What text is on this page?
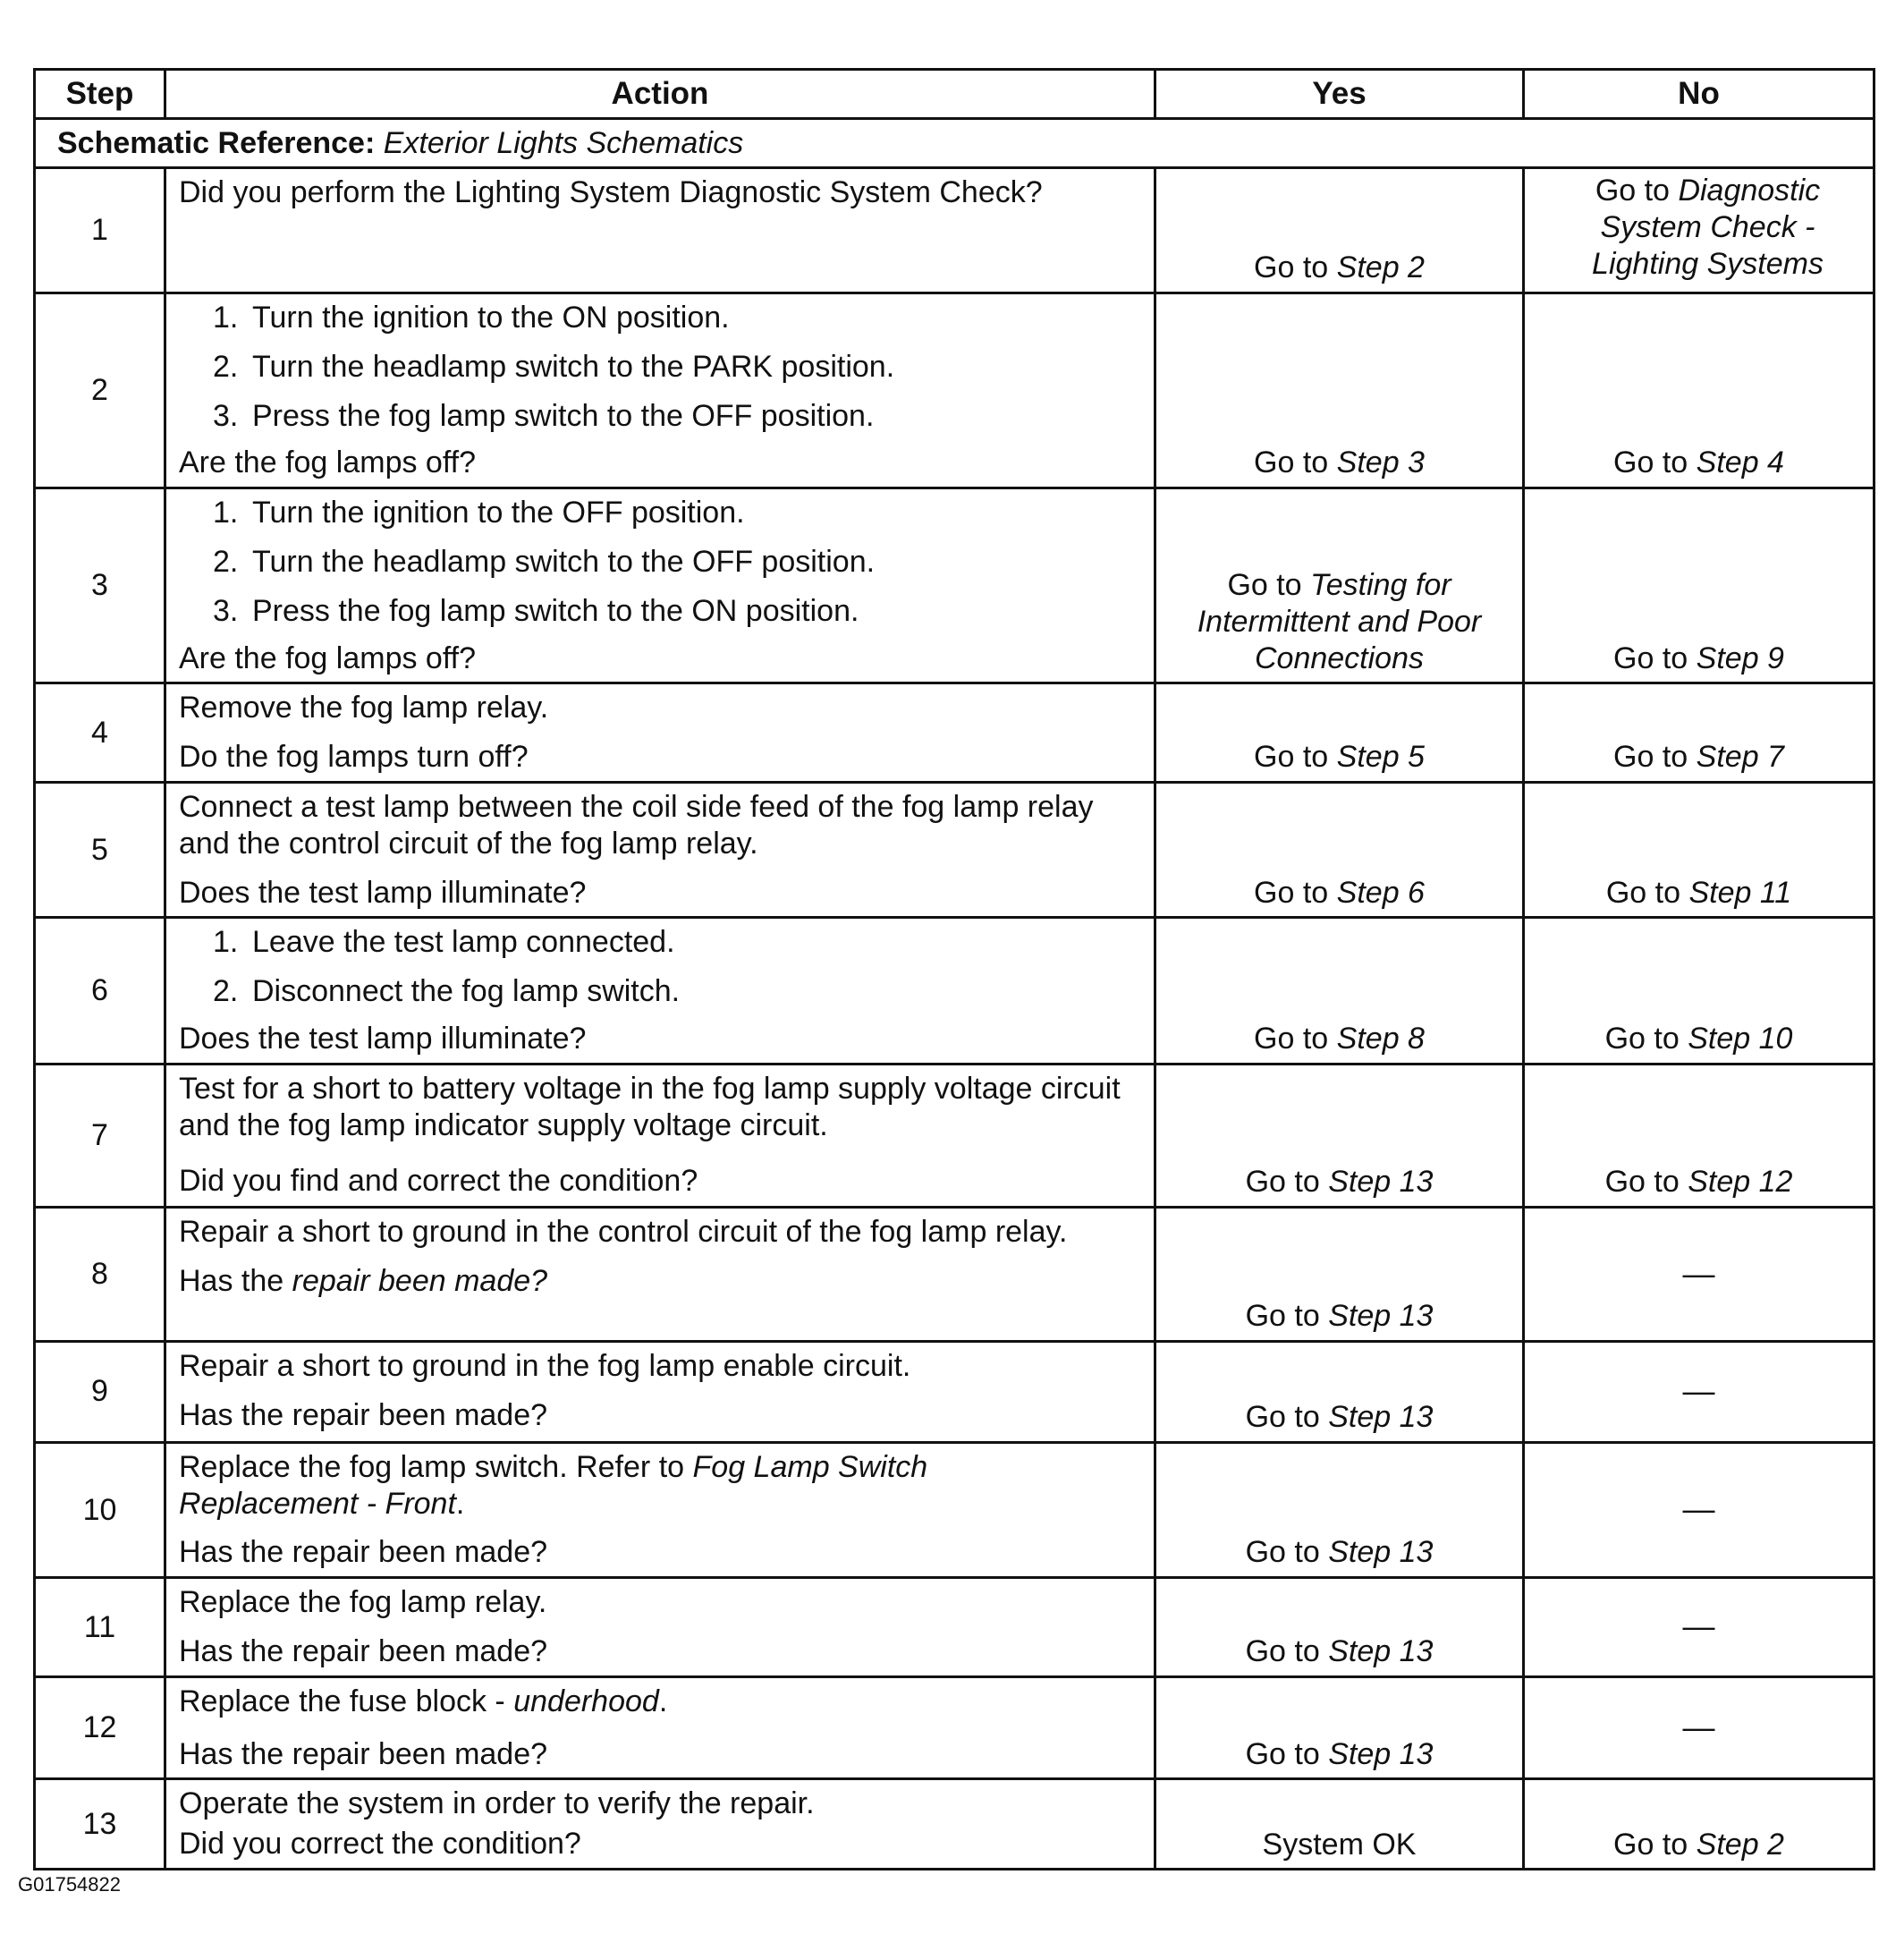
Step	Action	Yes	No
Schematic Reference: Exterior Lights Schematics			
1	Did you perform the Lighting System Diagnostic System Check?	Go to Step 2	Go to Diagnostic System Check - Lighting Systems
2	1. Turn the ignition to the ON position.
2. Turn the headlamp switch to the PARK position.
3. Press the fog lamp switch to the OFF position.
Are the fog lamps off?	Go to Step 3	Go to Step 4
3	1. Turn the ignition to the OFF position.
2. Turn the headlamp switch to the OFF position.
3. Press the fog lamp switch to the ON position.
Are the fog lamps off?	Go to Testing for Intermittent and Poor Connections	Go to Step 9
4	Remove the fog lamp relay.
Do the fog lamps turn off?	Go to Step 5	Go to Step 7
5	Connect a test lamp between the coil side feed of the fog lamp relay and the control circuit of the fog lamp relay.
Does the test lamp illuminate?	Go to Step 6	Go to Step 11
6	1. Leave the test lamp connected.
2. Disconnect the fog lamp switch.
Does the test lamp illuminate?	Go to Step 8	Go to Step 10
7	Test for a short to battery voltage in the fog lamp supply voltage circuit and the fog lamp indicator supply voltage circuit.
Did you find and correct the condition?	Go to Step 13	Go to Step 12
8	Repair a short to ground in the control circuit of the fog lamp relay.
Has the repair been made?	Go to Step 13	—
9	Repair a short to ground in the fog lamp enable circuit.
Has the repair been made?	Go to Step 13	—
10	Replace the fog lamp switch. Refer to Fog Lamp Switch Replacement - Front.
Has the repair been made?	Go to Step 13	—
11	Replace the fog lamp relay.
Has the repair been made?	Go to Step 13	—
12	Replace the fuse block - underhood.
Has the repair been made?	Go to Step 13	—
13	Operate the system in order to verify the repair.
Did you correct the condition?	System OK	Go to Step 2
G01754822
